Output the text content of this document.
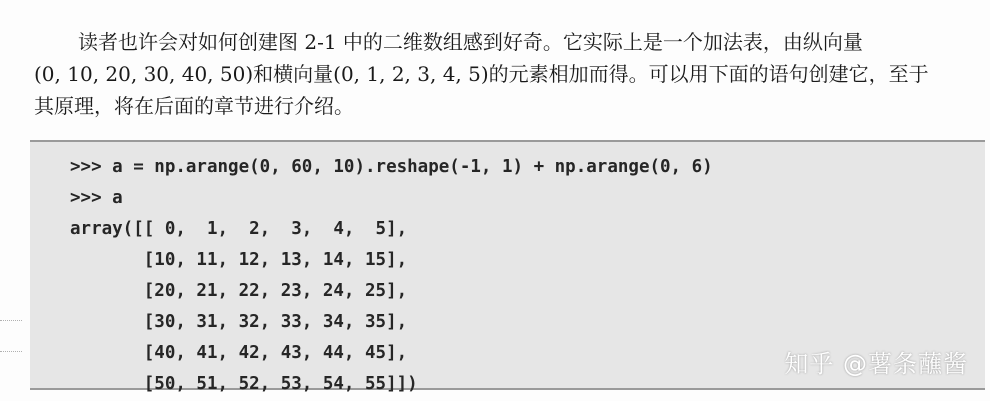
读者也许会对如何创建图 2-1 中的二维数组感到好奇。它实际上是一个加法表，由纵向量
(0, 10, 20, 30, 40, 50)和横向量(0, 1, 2, 3, 4, 5)的元素相加而得。可以用下面的语句创建它，至于
其原理，将在后面的章节进行介绍。
>>> a = np.arange(0, 60, 10).reshape(-1, 1) + np.arange(0, 6)
>>> a
array([[ 0,  1,  2,  3,  4,  5],
[10, 11, 12, 13, 14, 15],
[20, 21, 22, 23, 24, 25],
[30, 31, 32, 33, 34, 35],
[40, 41, 42, 43, 44, 45],
[50, 51, 52, 53, 54, 55]])
知乎 @薯条蘸酱
